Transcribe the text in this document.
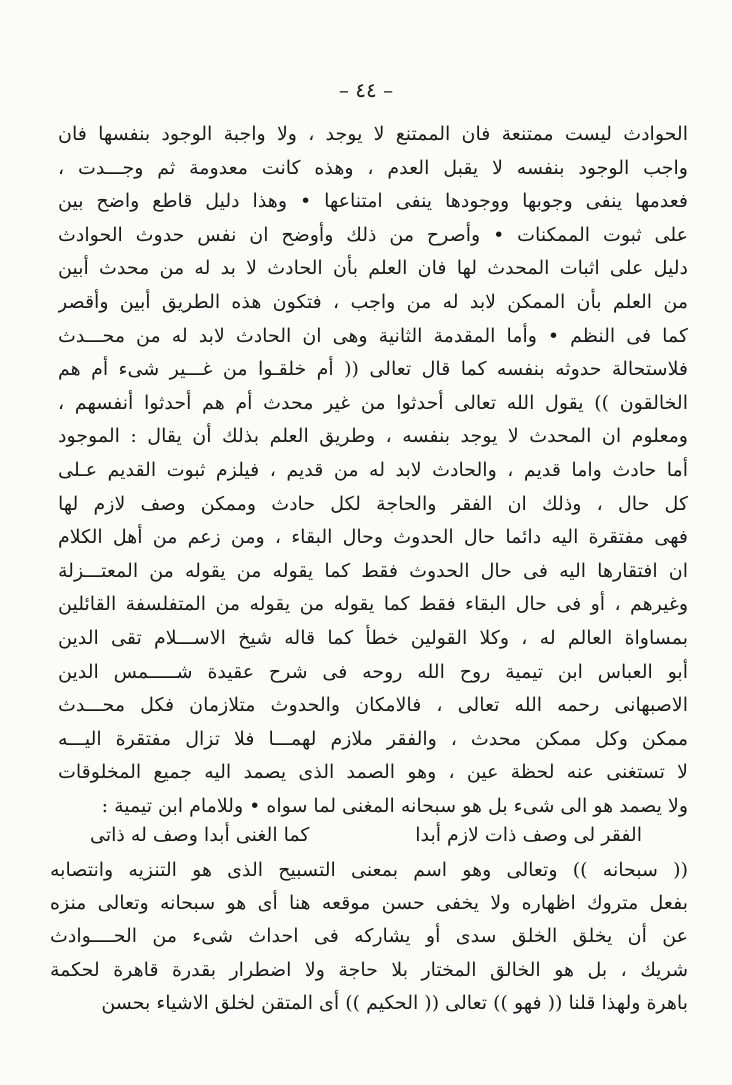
– ٤٤ –
الحوادث ليست ممتنعة فان الممتنع لا يوجد ، ولا واجبة الوجود بنفسها فان
واجب الوجود بنفسه لا يقبل العدم ، وهذه كانت معدومة ثم وجـــدت ،
فعدمها ينفى وجوبها ووجودها ينفى امتناعها • وهذا دليل قاطع واضح بين
على ثبوت الممكنات • وأصرح من ذلك وأوضح ان نفس حدوث الحوادث
دليل على اثبات المحدث لها فان العلم بأن الحادث لا بد له من محدث أبين
من العلم بأن الممكن لابد له من واجب ، فتكون هذه الطريق أبين وأقصر
كما فى النظم • وأما المقدمة الثانية وهى ان الحادث لابد له من محـــدث
فلاستحالة حدوثه بنفسه كما قال تعالى (( أم خلقـوا من غـــير شىء أم هم
الخالقون )) يقول الله تعالى أحدثوا من غير محدث أم هم أحدثوا أنفسهم ،
ومعلوم ان المحدث لا يوجد بنفسه ، وطريق العلم بذلك أن يقال : الموجود
أما حادث واما قديم ، والحادث لابد له من قديم ، فيلزم ثبوت القديم عـلى
كل حال ، وذلك ان الفقر والحاجة لكل حادث وممكن وصف لازم لها
فهى مفتقرة اليه دائما حال الحدوث وحال البقاء ، ومن زعم من أهل الكلام
ان افتقارها اليه فى حال الحدوث فقط كما يقوله من يقوله من المعتـــزلة
وغيرهم ، أو فى حال البقاء فقط كما يقوله من يقوله من المتفلسفة القائلين
بمساواة العالم له ، وكلا القولين خطأ كما قاله شيخ الاســـلام تقى الدين
أبو العباس ابن تيمية روح الله روحه فى شرح عقيدة شـــــمس الدين
الاصبهانى رحمه الله تعالى ، فالامكان والحدوث متلازمان فكل محـــدث
ممكن وكل ممكن محدث ، والفقر ملازم لهمـــا فلا تزال مفتقرة اليـــه
لا تستغنى عنه لحظة عين ، وهو الصمد الذى يصمد اليه جميع المخلوقات
ولا يصمد هو الى شىء بل هو سبحانه المغنى لما سواه • وللامام ابن تيمية :
الفقر لى وصف ذات لازم أبدا
كما الغنى أبدا وصف له ذاتى
(( سبحانه )) وتعالى وهو اسم بمعنى التسبيح الذى هو التنزيه وانتصابه
بفعل متروك اظهاره ولا يخفى حسن موقعه هنا أى هو سبحانه وتعالى منزه
عن أن يخلق الخلق سدى أو يشاركه فى احداث شىء من الحــــوادث
شريك ، بل هو الخالق المختار بلا حاجة ولا اضطرار بقدرة قاهرة لحكمة
باهرة ولهذا قلنا (( فهو )) تعالى (( الحكيم )) أى المتقن لخلق الاشياء بحسن
